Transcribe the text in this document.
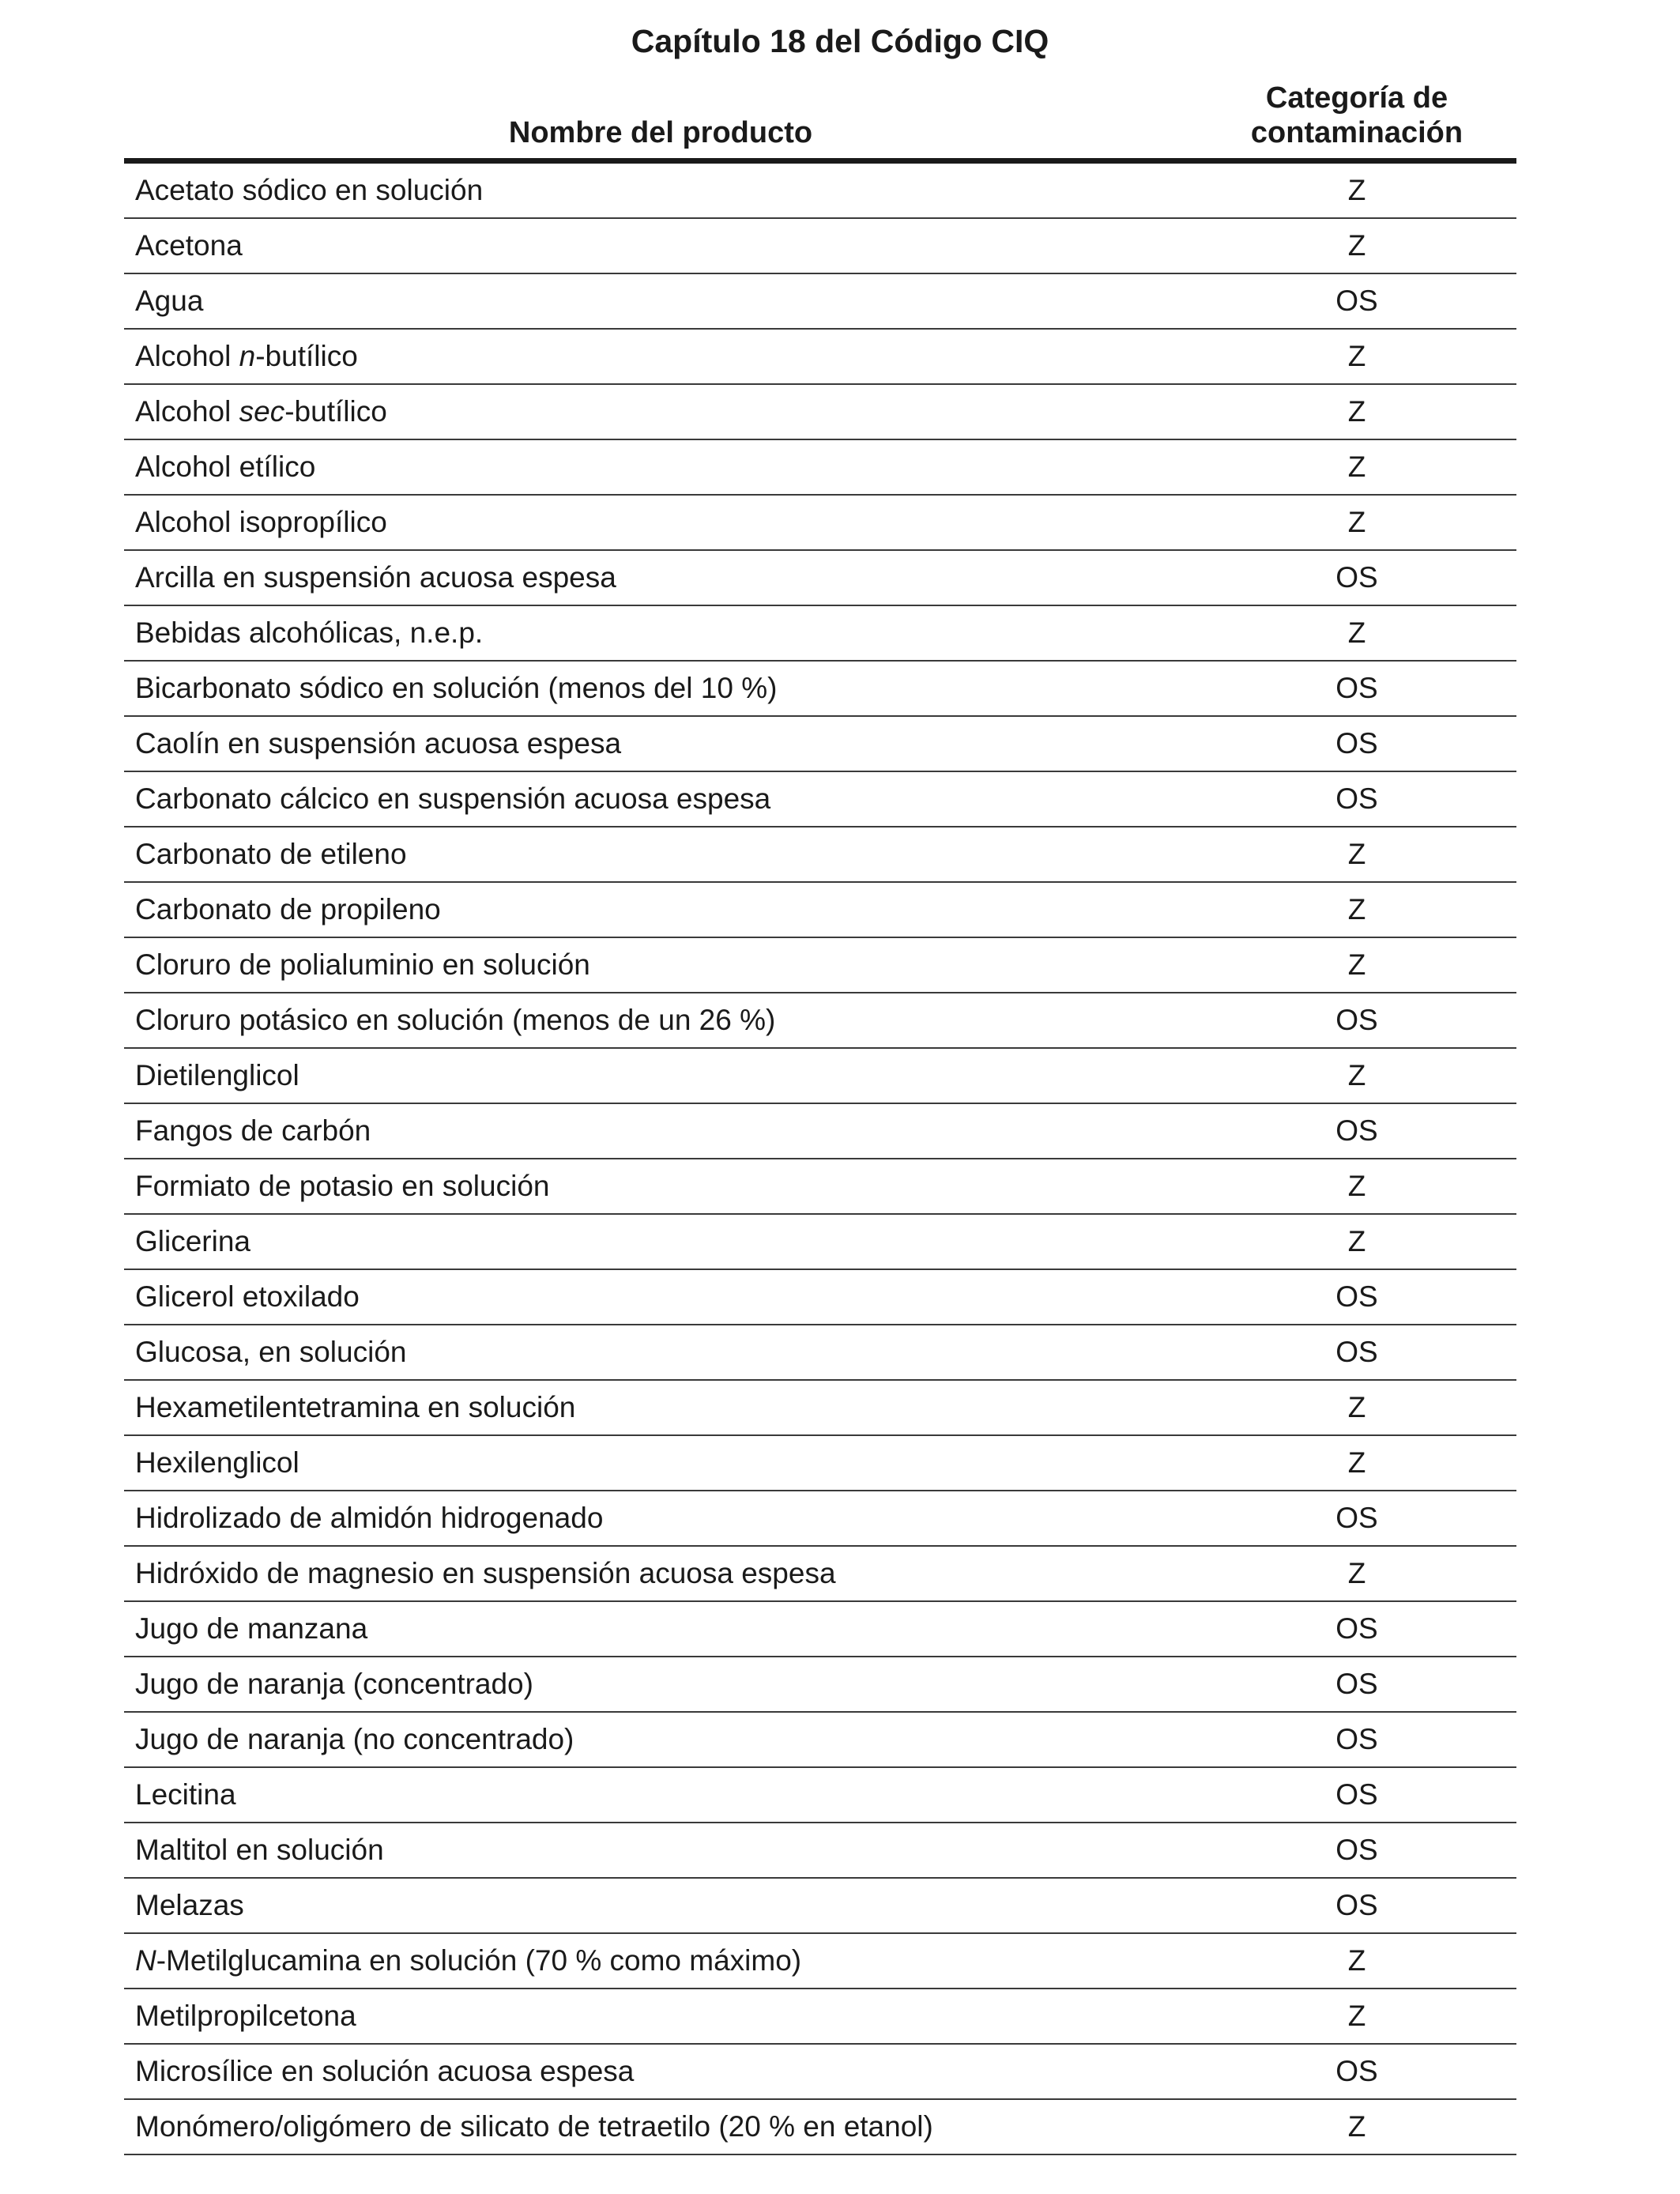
Capítulo 18 del Código CIQ
Nombre del producto
Categoría de
contaminación
Acetato sódico en solución	Z
Acetona	Z
Agua	OS
Alcohol n-butílico	Z
Alcohol sec-butílico	Z
Alcohol etílico	Z
Alcohol isopropílico	Z
Arcilla en suspensión acuosa espesa	OS
Bebidas alcohólicas, n.e.p.	Z
Bicarbonato sódico en solución (menos del 10 %)	OS
Caolín en suspensión acuosa espesa	OS
Carbonato cálcico en suspensión acuosa espesa	OS
Carbonato de etileno	Z
Carbonato de propileno	Z
Cloruro de polialuminio en solución	Z
Cloruro potásico en solución (menos de un 26 %)	OS
Dietilenglicol	Z
Fangos de carbón	OS
Formiato de potasio en solución	Z
Glicerina	Z
Glicerol etoxilado	OS
Glucosa, en solución	OS
Hexametilentetramina en solución	Z
Hexilenglicol	Z
Hidrolizado de almidón hidrogenado	OS
Hidróxido de magnesio en suspensión acuosa espesa	Z
Jugo de manzana	OS
Jugo de naranja (concentrado)	OS
Jugo de naranja (no concentrado)	OS
Lecitina	OS
Maltitol en solución	OS
Melazas	OS
N-Metilglucamina en solución (70 % como máximo)	Z
Metilpropilcetona	Z
Microsílice en solución acuosa espesa	OS
Monómero/oligómero de silicato de tetraetilo (20 % en etanol)	Z
